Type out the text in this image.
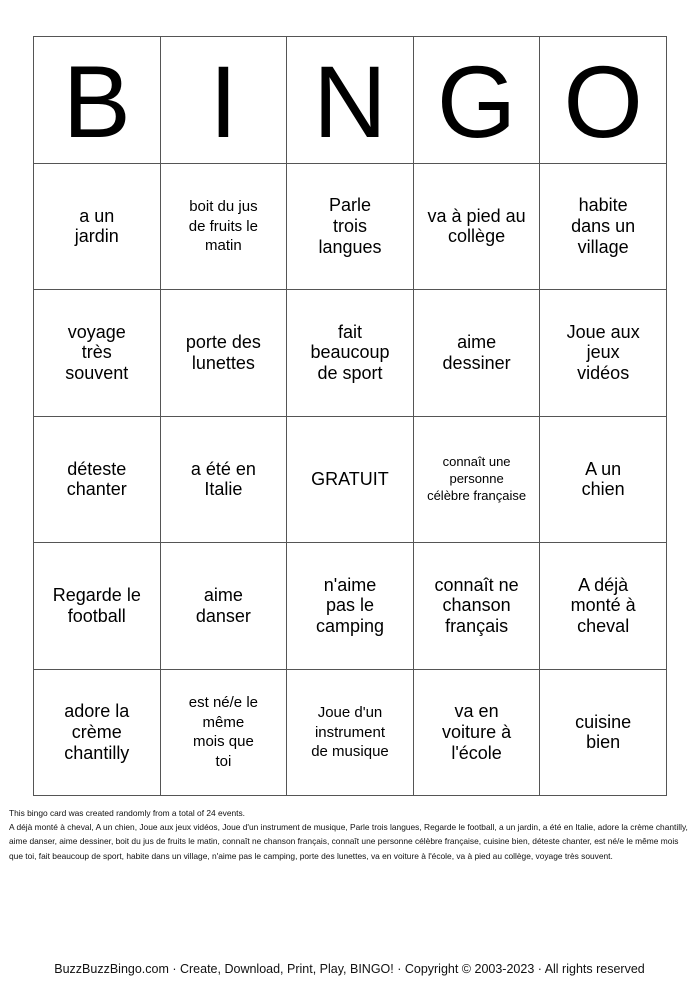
B	I	N	G	O
a un jardin	boit du jus de fruits le matin	Parle trois langues	va à pied au collège	habite dans un village
voyage très souvent	porte des lunettes	fait beaucoup de sport	aime dessiner	Joue aux jeux vidéos
déteste chanter	a été en Italie	GRATUIT	connaît une personne célèbre française	A un chien
Regarde le football	aime danser	n'aime pas le camping	connaît ne chanson français	A déjà monté à cheval
adore la crème chantilly	est né/e le même mois que toi	Joue d'un instrument de musique	va en voiture à l'école	cuisine bien
This bingo card was created randomly from a total of 24 events.
A déjà monté à cheval, A un chien, Joue aux jeux vidéos, Joue d'un instrument de musique, Parle trois langues, Regarde le football, a un jardin, a été en Italie, adore la crème chantilly, aime danser, aime dessiner, boit du jus de fruits le matin, connaît ne chanson français, connaît une personne célèbre française, cuisine bien, déteste chanter, est né/e le même mois que toi, fait beaucoup de sport, habite dans un village, n'aime pas le camping, porte des lunettes, va en voiture à l'école, va à pied au collège, voyage très souvent.
BuzzBuzzBingo.com · Create, Download, Print, Play, BINGO! · Copyright © 2003-2023 · All rights reserved
